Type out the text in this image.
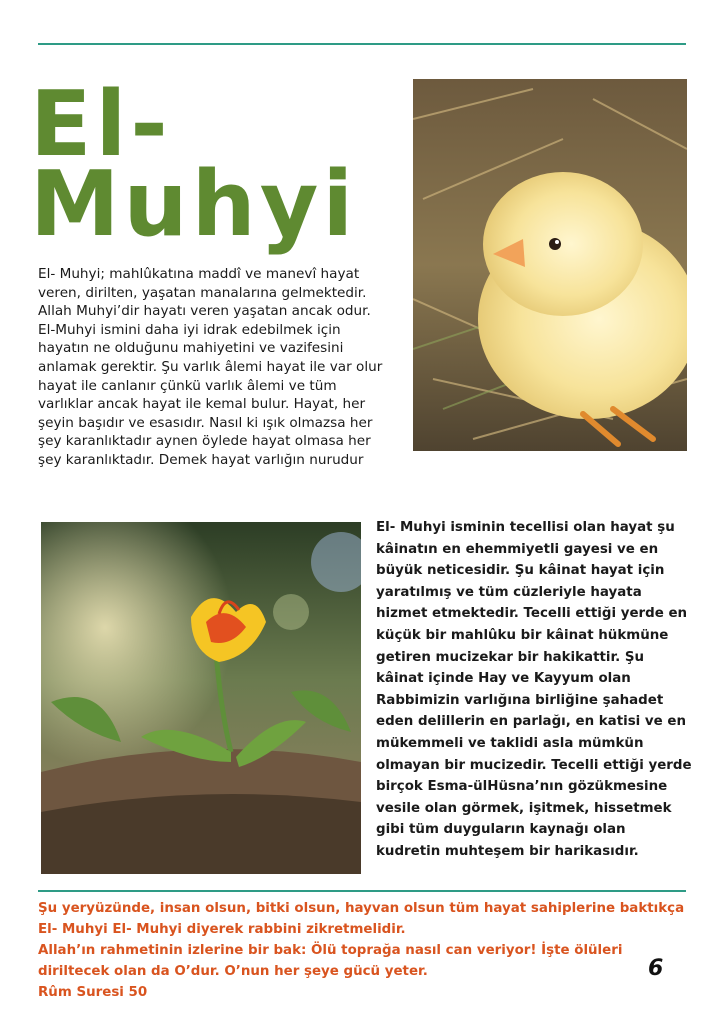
El-
Muhyi

El- Muhyi; mahlûkatına maddî ve manevî hayat veren, dirilten, yaşatan manalarına gelmektedir. Allah Muhyi’dir hayatı veren yaşatan ancak odur. El-Muhyi ismini daha iyi idrak edebilmek için hayatın ne olduğunu mahiyetini ve vazifesini anlamak gerektir. Şu varlık âlemi hayat ile var olur hayat ile canlanır çünkü varlık âlemi ve tüm varlıklar ancak hayat ile kemal bulur. Hayat, her şeyin başıdır ve esasıdır. Nasıl ki ışık olmazsa her şey karanlıktadır aynen öylede hayat olmasa her şey karanlıktadır. Demek hayat varlığın nurudur

El- Muhyi isminin tecellisi olan hayat şu kâinatın en ehemmiyetli gayesi ve en büyük neticesidir. Şu kâinat hayat için yaratılmış ve tüm cüzleriyle hayata hizmet etmektedir. Tecelli ettiği yerde en küçük bir mahlûku bir kâinat hükmüne getiren mucizekar bir hakikattir. Şu kâinat içinde Hay ve Kayyum olan Rabbimizin varlığına birliğine şahadet eden delillerin en parlağı, en katisi ve en mükemmeli ve taklidi asla mümkün olmayan bir mucizedir. Tecelli ettiği yerde birçok Esma-ülHüsna’nın gözükmesine vesile olan görmek, işitmek, hissetmek gibi tüm duyguların kaynağı olan kudretin muhteşem bir harikasıdır.

Şu yeryüzünde, insan olsun, bitki olsun, hayvan olsun tüm hayat sahiplerine baktıkça El- Muhyi El- Muhyi diyerek rabbini zikretmelidir.

Allah’ın rahmetinin izlerine bir bak: Ölü toprağa nasıl can veriyor! İşte ölüleri diriltecek olan da O’dur. O’nun her şeye gücü yeter.

Rûm Suresi 50

6
